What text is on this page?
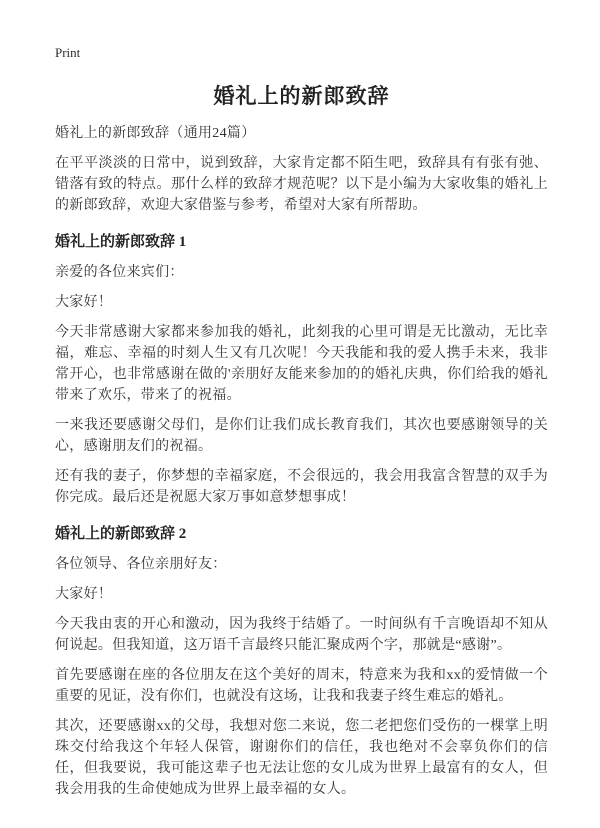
Print
婚礼上的新郎致辞

婚礼上的新郎致辞（通用24篇）

在平平淡淡的日常中，说到致辞，大家肯定都不陌生吧，致辞具有有张有弛、错落有致的特点。那什么样的致辞才规范呢？以下是小编为大家收集的婚礼上的新郎致辞，欢迎大家借鉴与参考，希望对大家有所帮助。

婚礼上的新郎致辞 1

亲爱的各位来宾们：

大家好！

今天非常感谢大家都来参加我的婚礼，此刻我的心里可谓是无比激动，无比幸福，难忘、幸福的时刻人生又有几次呢！今天我能和我的爱人携手未来，我非常开心，也非常感谢在做的'亲朋好友能来参加的的婚礼庆典，你们给我的婚礼带来了欢乐，带来了的祝福。

一来我还要感谢父母们，是你们让我们成长教育我们，其次也要感谢领导的关心，感谢朋友们的祝福。

还有我的妻子，你梦想的幸福家庭，不会很远的，我会用我富含智慧的双手为你完成。最后还是祝愿大家万事如意梦想事成！

婚礼上的新郎致辞 2

各位领导、各位亲朋好友：

大家好！

今天我由衷的开心和激动，因为我终于结婚了。一时间纵有千言晚语却不知从何说起。但我知道，这万语千言最终只能汇聚成两个字，那就是“感谢”。

首先要感谢在座的各位朋友在这个美好的周末，特意来为我和xx的爱情做一个重要的见证，没有你们，也就没有这场，让我和我妻子终生难忘的婚礼。

其次，还要感谢xx的父母，我想对您二来说，您二老把您们受伤的一棵掌上明珠交付给我这个年轻人保管，谢谢你们的信任，我也绝对不会辜负你们的信任，但我要说，我可能这辈子也无法让您的女儿成为世界上最富有的女人，但我会用我的生命使她成为世界上最幸福的女人。
